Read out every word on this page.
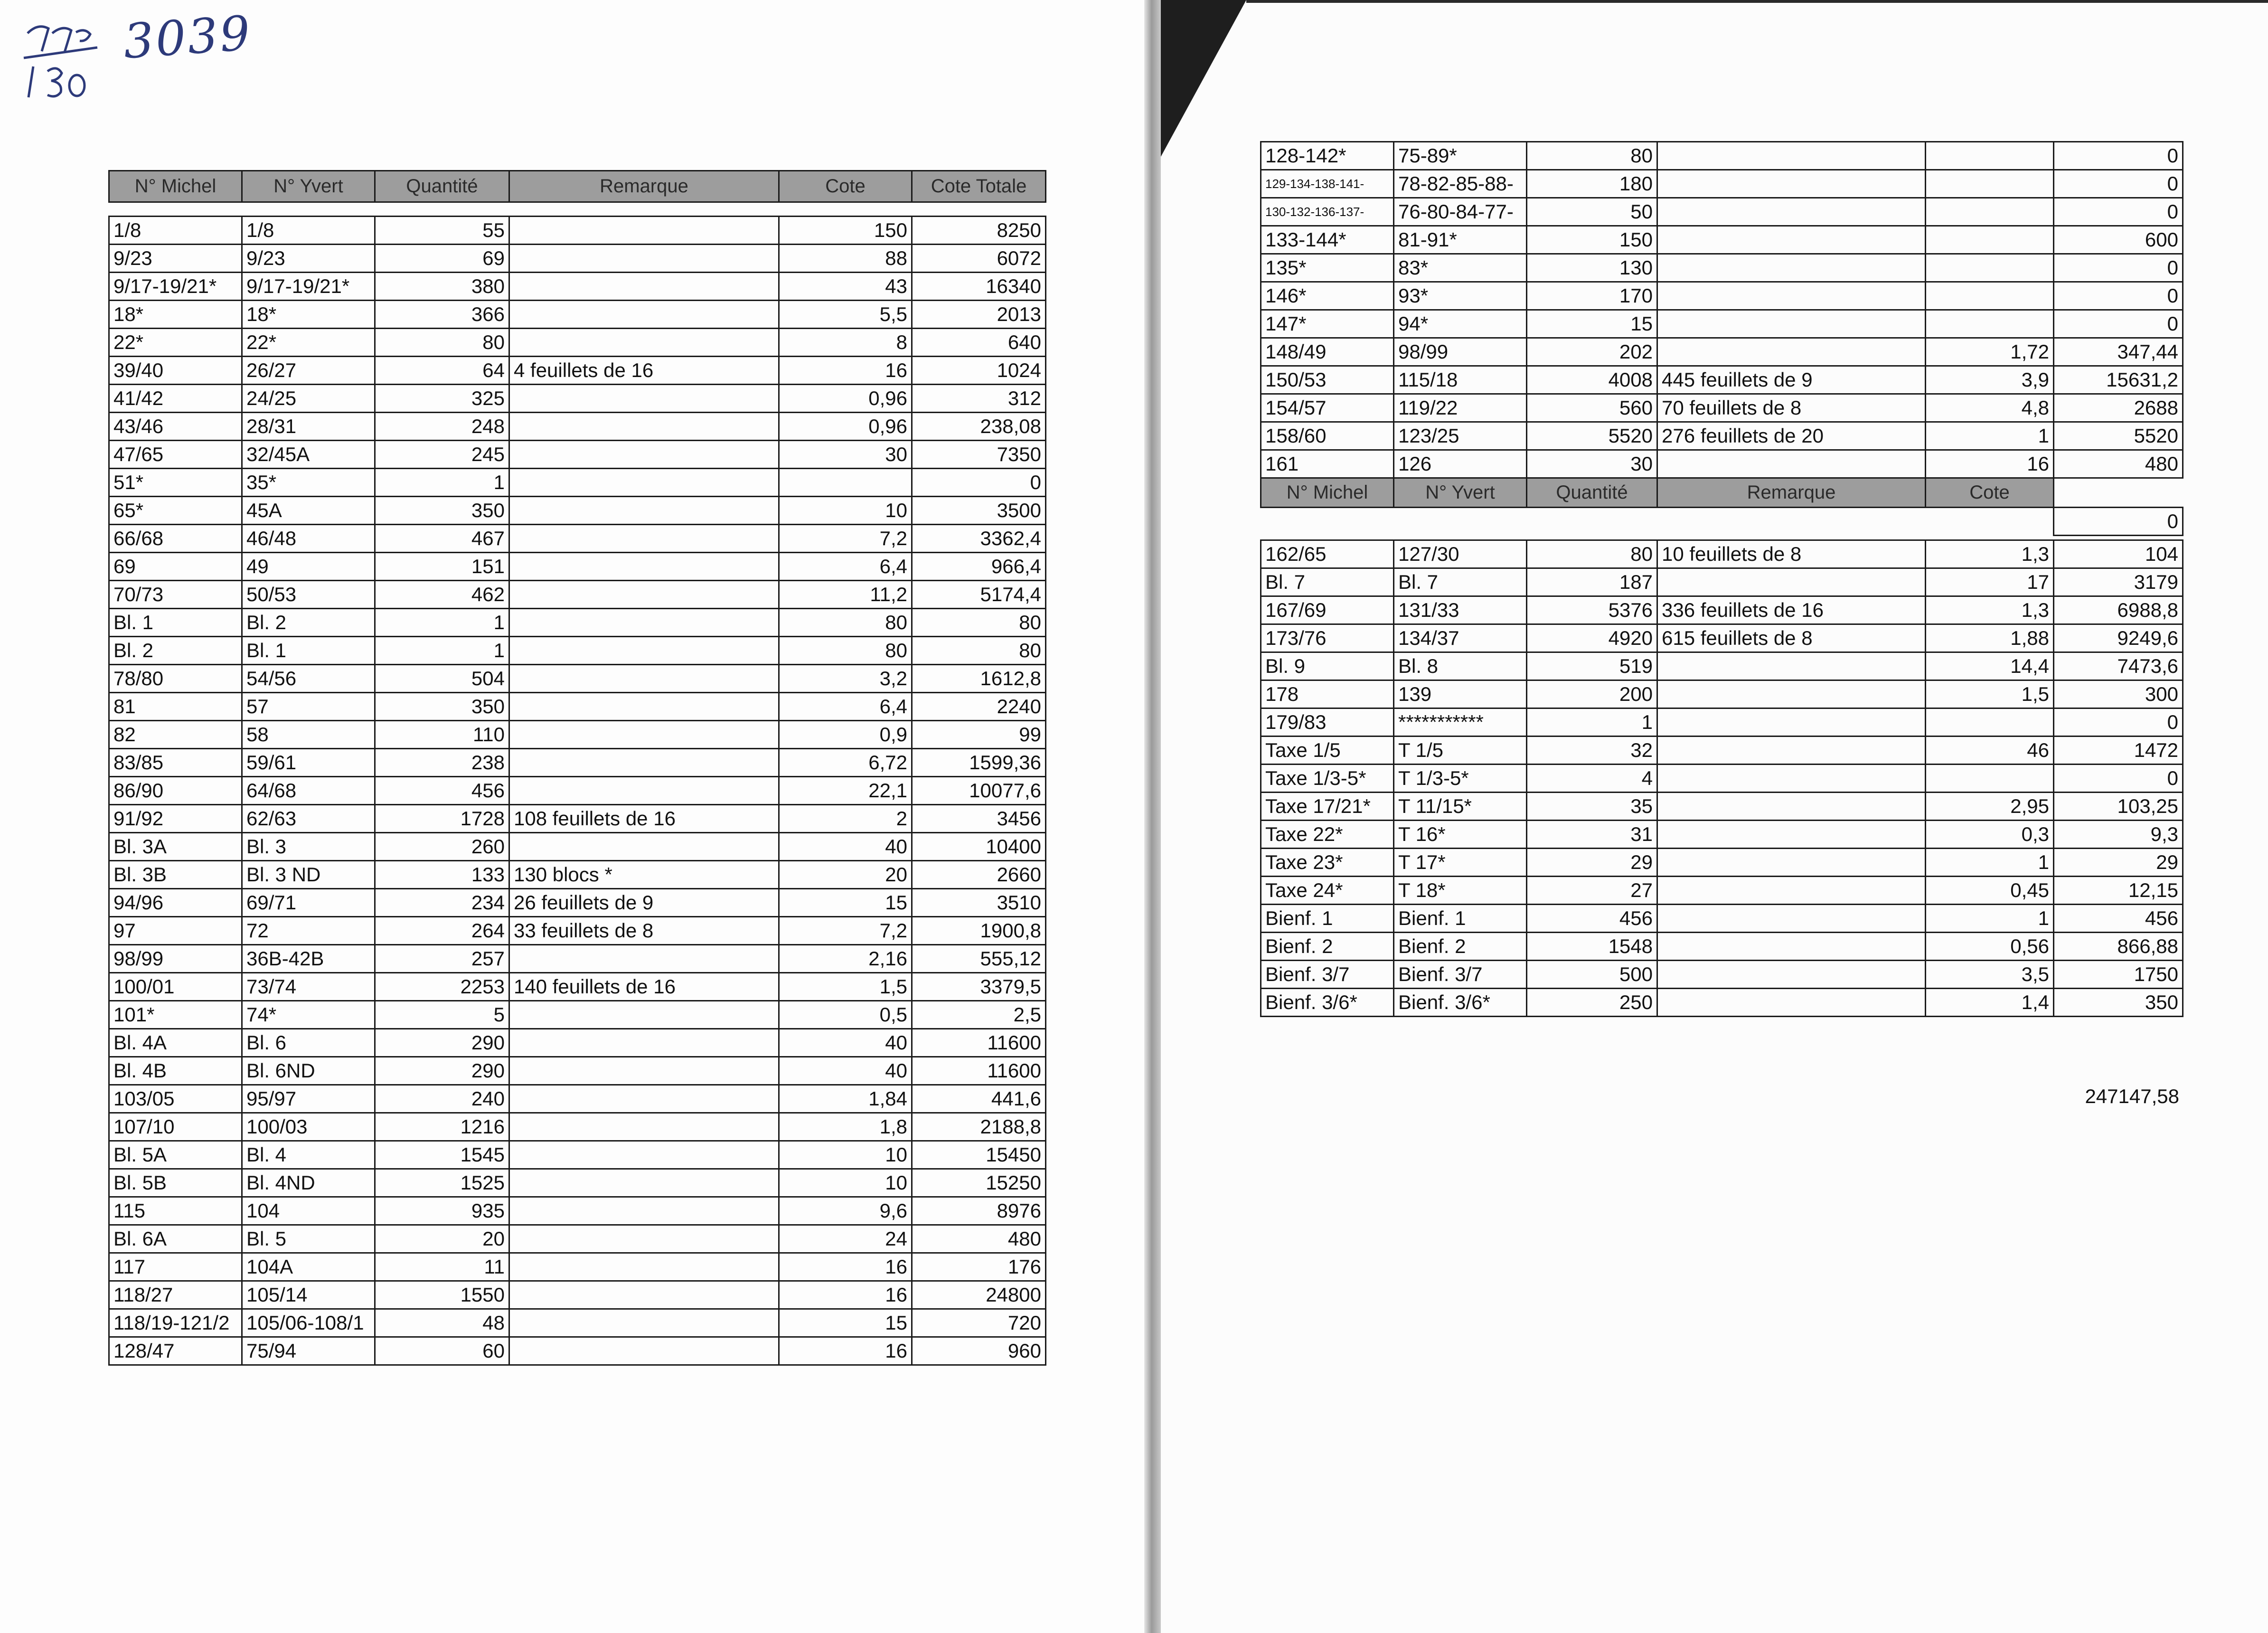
3039
N° Michel	N° Yvert	Quantité	Remarque	Cote	Cote Totale

1/8	1/8	55		150	8250
9/23	9/23	69		88	6072
9/17-19/21*	9/17-19/21*	380		43	16340
18*	18*	366		5,5	2013
22*	22*	80		8	640
39/40	26/27	64	4 feuillets de 16	16	1024
41/42	24/25	325		0,96	312
43/46	28/31	248		0,96	238,08
47/65	32/45A	245		30	7350
51*	35*	1			0
65*	45A	350		10	3500
66/68	46/48	467		7,2	3362,4
69	49	151		6,4	966,4
70/73	50/53	462		11,2	5174,4
Bl. 1	Bl. 2	1		80	80
Bl. 2	Bl. 1	1		80	80
78/80	54/56	504		3,2	1612,8
81	57	350		6,4	2240
82	58	110		0,9	99
83/85	59/61	238		6,72	1599,36
86/90	64/68	456		22,1	10077,6
91/92	62/63	1728	108 feuillets de 16	2	3456
Bl. 3A	Bl. 3	260		40	10400
Bl. 3B	Bl. 3 ND	133	130 blocs *	20	2660
94/96	69/71	234	26 feuillets de 9	15	3510
97	72	264	33 feuillets de 8	7,2	1900,8
98/99	36B-42B	257		2,16	555,12
100/01	73/74	2253	140 feuillets de 16	1,5	3379,5
101*	74*	5		0,5	2,5
Bl. 4A	Bl. 6	290		40	11600
Bl. 4B	Bl. 6ND	290		40	11600
103/05	95/97	240		1,84	441,6
107/10	100/03	1216		1,8	2188,8
Bl. 5A	Bl. 4	1545		10	15450
Bl. 5B	Bl. 4ND	1525		10	15250
115	104	935		9,6	8976
Bl. 6A	Bl. 5	20		24	480
117	104A	11		16	176
118/27	105/14	1550		16	24800
118/19-121/2	105/06-108/1	48		15	720
128/47	75/94	60		16	960
128-142*	75-89*	80			0
129-134-138-141-	78-82-85-88-	180			0
130-132-136-137-	76-80-84-77-	50			0
133-144*	81-91*	150			600
135*	83*	130			0
146*	93*	170			0
147*	94*	15			0
148/49	98/99	202		1,72	347,44
150/53	115/18	4008	445 feuillets de 9	3,9	15631,2
154/57	119/22	560	70 feuillets de 8	4,8	2688
158/60	123/25	5520	276 feuillets de 20	1	5520
161	126	30		16	480
N° Michel	N° Yvert	Quantité	Remarque	Cote	
					0

162/65	127/30	80	10 feuillets de 8	1,3	104
Bl. 7	Bl. 7	187		17	3179
167/69	131/33	5376	336 feuillets de 16	1,3	6988,8
173/76	134/37	4920	615 feuillets de 8	1,88	9249,6
Bl. 9	Bl. 8	519		14,4	7473,6
178	139	200		1,5	300
179/83	***********	1			0
Taxe 1/5	T 1/5	32		46	1472
Taxe 1/3-5*	T 1/3-5*	4			0
Taxe 17/21*	T 11/15*	35		2,95	103,25
Taxe 22*	T 16*	31		0,3	9,3
Taxe 23*	T 17*	29		1	29
Taxe 24*	T 18*	27		0,45	12,15
Bienf. 1	Bienf. 1	456		1	456
Bienf. 2	Bienf. 2	1548		0,56	866,88
Bienf. 3/7	Bienf. 3/7	500		3,5	1750
Bienf. 3/6*	Bienf. 3/6*	250		1,4	350
247147,58
